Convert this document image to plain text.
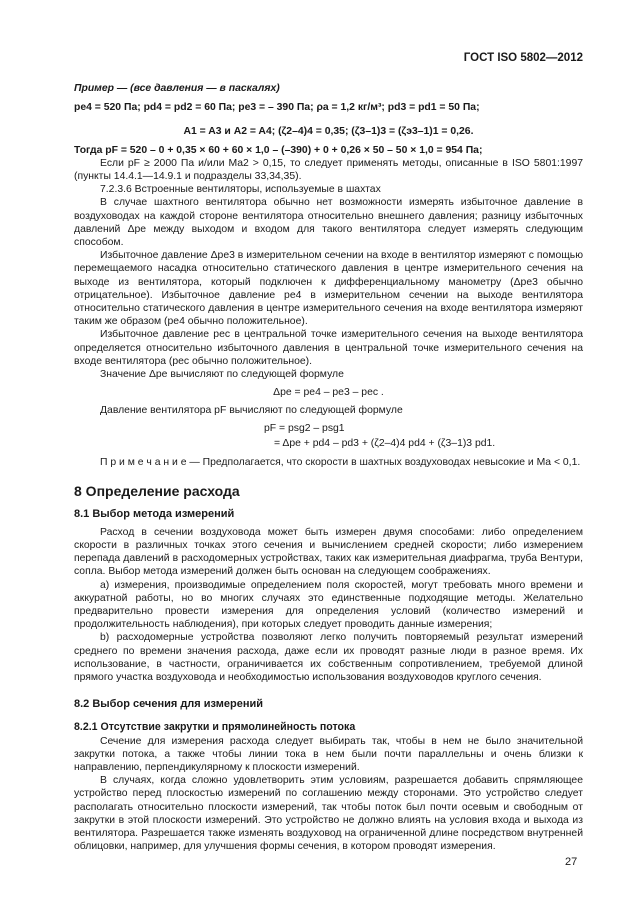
ГОСТ ISO 5802—2012

Пример — (все давления — в паскалях)

pe4 = 520 Па; pd4 = pd2 = 60 Па; pe3 = – 390 Па; ρa = 1,2 кг/м³; pd3 = pd1 = 50 Па;

A1 = A3 и A2 = A4; (ζ2–4)4 = 0,35; (ζ3–1)3 = (ζэ3–1)1 = 0,26.

Тогда pF = 520 – 0 + 0,35 × 60 + 60 × 1,0 – (–390) + 0 + 0,26 × 50 – 50 × 1,0 = 954 Па;

Если pF ≥ 2000 Па и/или Ma2 > 0,15, то следует применять методы, описанные в ISO 5801:1997 (пункты 14.4.1—14.9.1 и подразделы 33,34,35).

7.2.3.6 Встроенные вентиляторы, используемые в шахтах

В случае шахтного вентилятора обычно нет возможности измерять избыточное давление в воздуховодах на каждой стороне вентилятора относительно внешнего давления; разницу избыточных давлений Δpe между выходом и входом для такого вентилятора следует измерять следующим способом.

Избыточное давление Δpe3 в измерительном сечении на входе в вентилятор измеряют с помощью перемещаемого насадка относительно статического давления в центре измерительного сечения на выходе из вентилятора, который подключен к дифференциальному манометру (Δpe3 обычно отрицательное). Избыточное давление pe4 в измерительном сечении на выходе вентилятора относительно статического давления в центре измерительного сечения на входе вентилятора измеряют таким же образом (pe4 обычно положительное).

Избыточное давление pec в центральной точке измерительного сечения на выходе вентилятора определяется относительно избыточного давления в центральной точке измерительного сечения на входе вентилятора (pec обычно положительное).

Значение Δpe вычисляют по следующей формуле

Δpe = pe4 – pe3 – pec .

Давление вентилятора pF вычисляют по следующей формуле

pF = psg2 – psg1

= Δpe + pd4 – pd3 + (ζ2–4)4 pd4 + (ζ3–1)3 pd1.

П р и м е ч а н и е — Предполагается, что скорости в шахтных воздуховодах невысокие и Ma < 0,1.

8 Определение расхода
8.1 Выбор метода измерений

Расход в сечении воздуховода может быть измерен двумя способами: либо определением скорости в различных точках этого сечения и вычислением средней скорости; либо измерением перепада давлений в расходомерных устройствах, таких как измерительная диафрагма, труба Вентури, сопла. Выбор метода измерений должен быть основан на следующем соображениях.

а) измерения, производимые определением поля скоростей, могут требовать много времени и аккуратной работы, но во многих случаях это единственные подходящие методы. Желательно предварительно провести измерения для определения условий (количество измерений и продолжительность наблюдения), при которых следует проводить данные измерения;

b) расходомерные устройства позволяют легко получить повторяемый результат измерений среднего по времени значения расхода, даже если их проводят разные люди в разное время. Их использование, в частности, ограничивается их собственным сопротивлением, требуемой длиной прямого участка воздуховода и необходимостью использования воздуховодов круглого сечения.

8.2 Выбор сечения для измерений
8.2.1 Отсутствие закрутки и прямолинейность потока

Сечение для измерения расхода следует выбирать так, чтобы в нем не было значительной закрутки потока, а также чтобы линии тока в нем были почти параллельны и очень близки к направлению, перпендикулярному к плоскости измерений.

В случаях, когда сложно удовлетворить этим условиям, разрешается добавить спрямляющее устройство перед плоскостью измерений по соглашению между сторонами. Это устройство следует располагать относительно плоскости измерений, так чтобы поток был почти осевым и свободным от закрутки в этой плоскости измерений. Это устройство не должно влиять на условия входа и выхода из вентилятора. Разрешается также изменять воздуховод на ограниченной длине посредством внутренней облицовки, например, для улучшения формы сечения, в котором проводят измерения.

27
